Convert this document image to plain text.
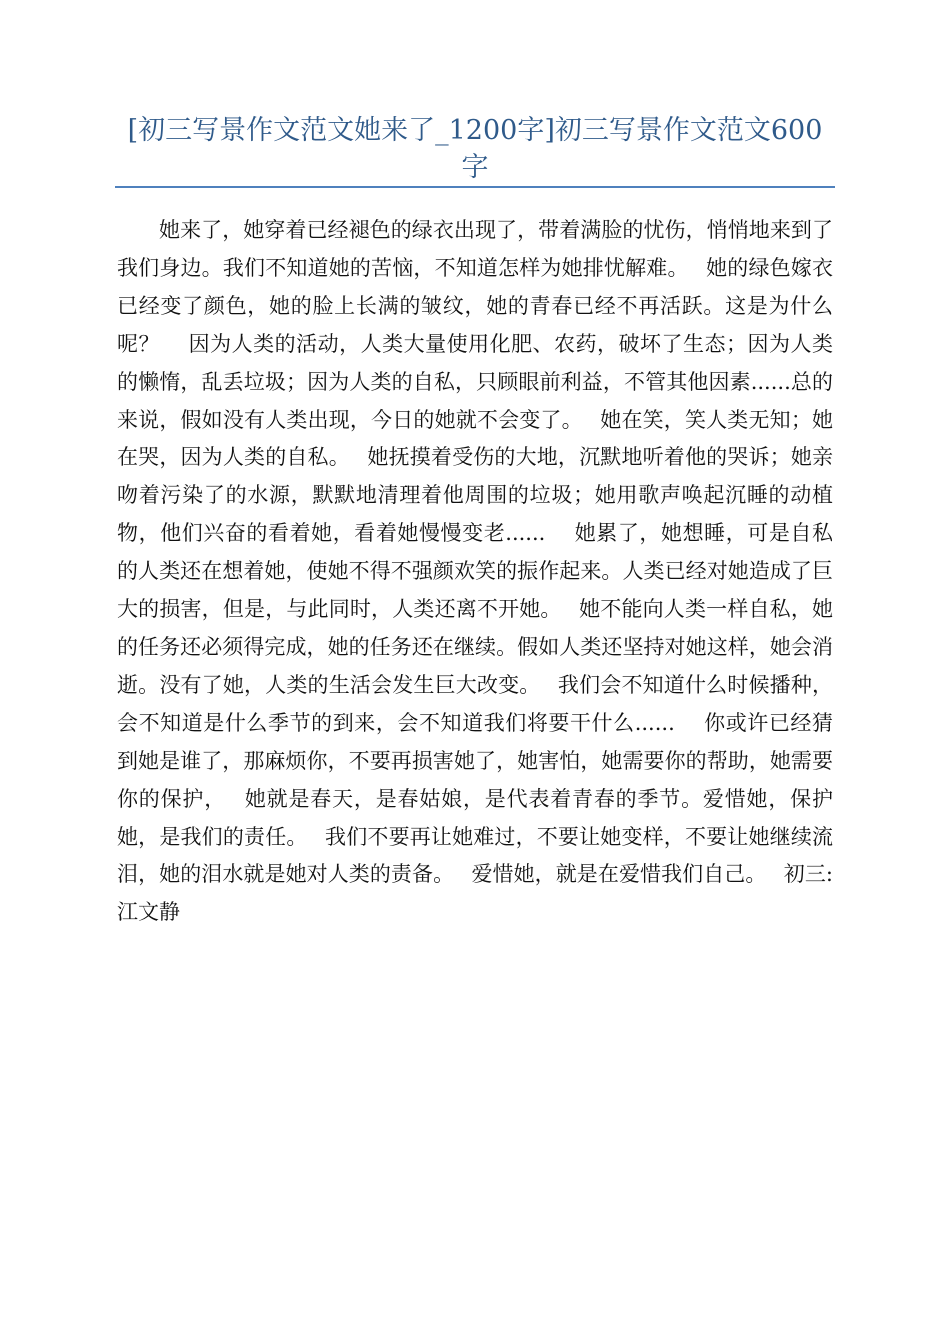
[初三写景作文范文她来了_1200字]初三写景作文范文600字

她来了，她穿着已经褪色的绿衣出现了，带着满脸的忧伤，悄悄地来到了我们身边。我们不知道她的苦恼，不知道怎样为她排忧解难。　 她的绿色嫁衣已经变了颜色，她的脸上长满的皱纹，她的青春已经不再活跃。这是为什么呢？　 因为人类的活动，人类大量使用化肥、农药，破坏了生态；因为人类的懒惰，乱丢垃圾；因为人类的自私，只顾眼前利益，不管其他因素......总的来说，假如没有人类出现，今日的她就不会变了。　 她在笑，笑人类无知；她在哭，因为人类的自私。　 她抚摸着受伤的大地，沉默地听着他的哭诉；她亲吻着污染了的水源，默默地清理着他周围的垃圾；她用歌声唤起沉睡的动植物，他们兴奋的看着她，看着她慢慢变老......　 她累了，她想睡，可是自私的人类还在想着她，使她不得不强颜欢笑的振作起来。人类已经对她造成了巨大的损害，但是，与此同时，人类还离不开她。　 她不能向人类一样自私，她的任务还必须得完成，她的任务还在继续。假如人类还坚持对她这样，她会消逝。没有了她，人类的生活会发生巨大改变。　 我们会不知道什么时候播种，会不知道是什么季节的到来，会不知道我们将要干什么......　 你或许已经猜到她是谁了，那麻烦你，不要再损害她了，她害怕，她需要你的帮助，她需要你的保护，　 她就是春天，是春姑娘，是代表着青春的季节。爱惜她，保护她，是我们的责任。　 我们不要再让她难过，不要让她变样，不要让她继续流泪，她的泪水就是她对人类的责备。　 爱惜她，就是在爱惜我们自己。　 初三:江文静
